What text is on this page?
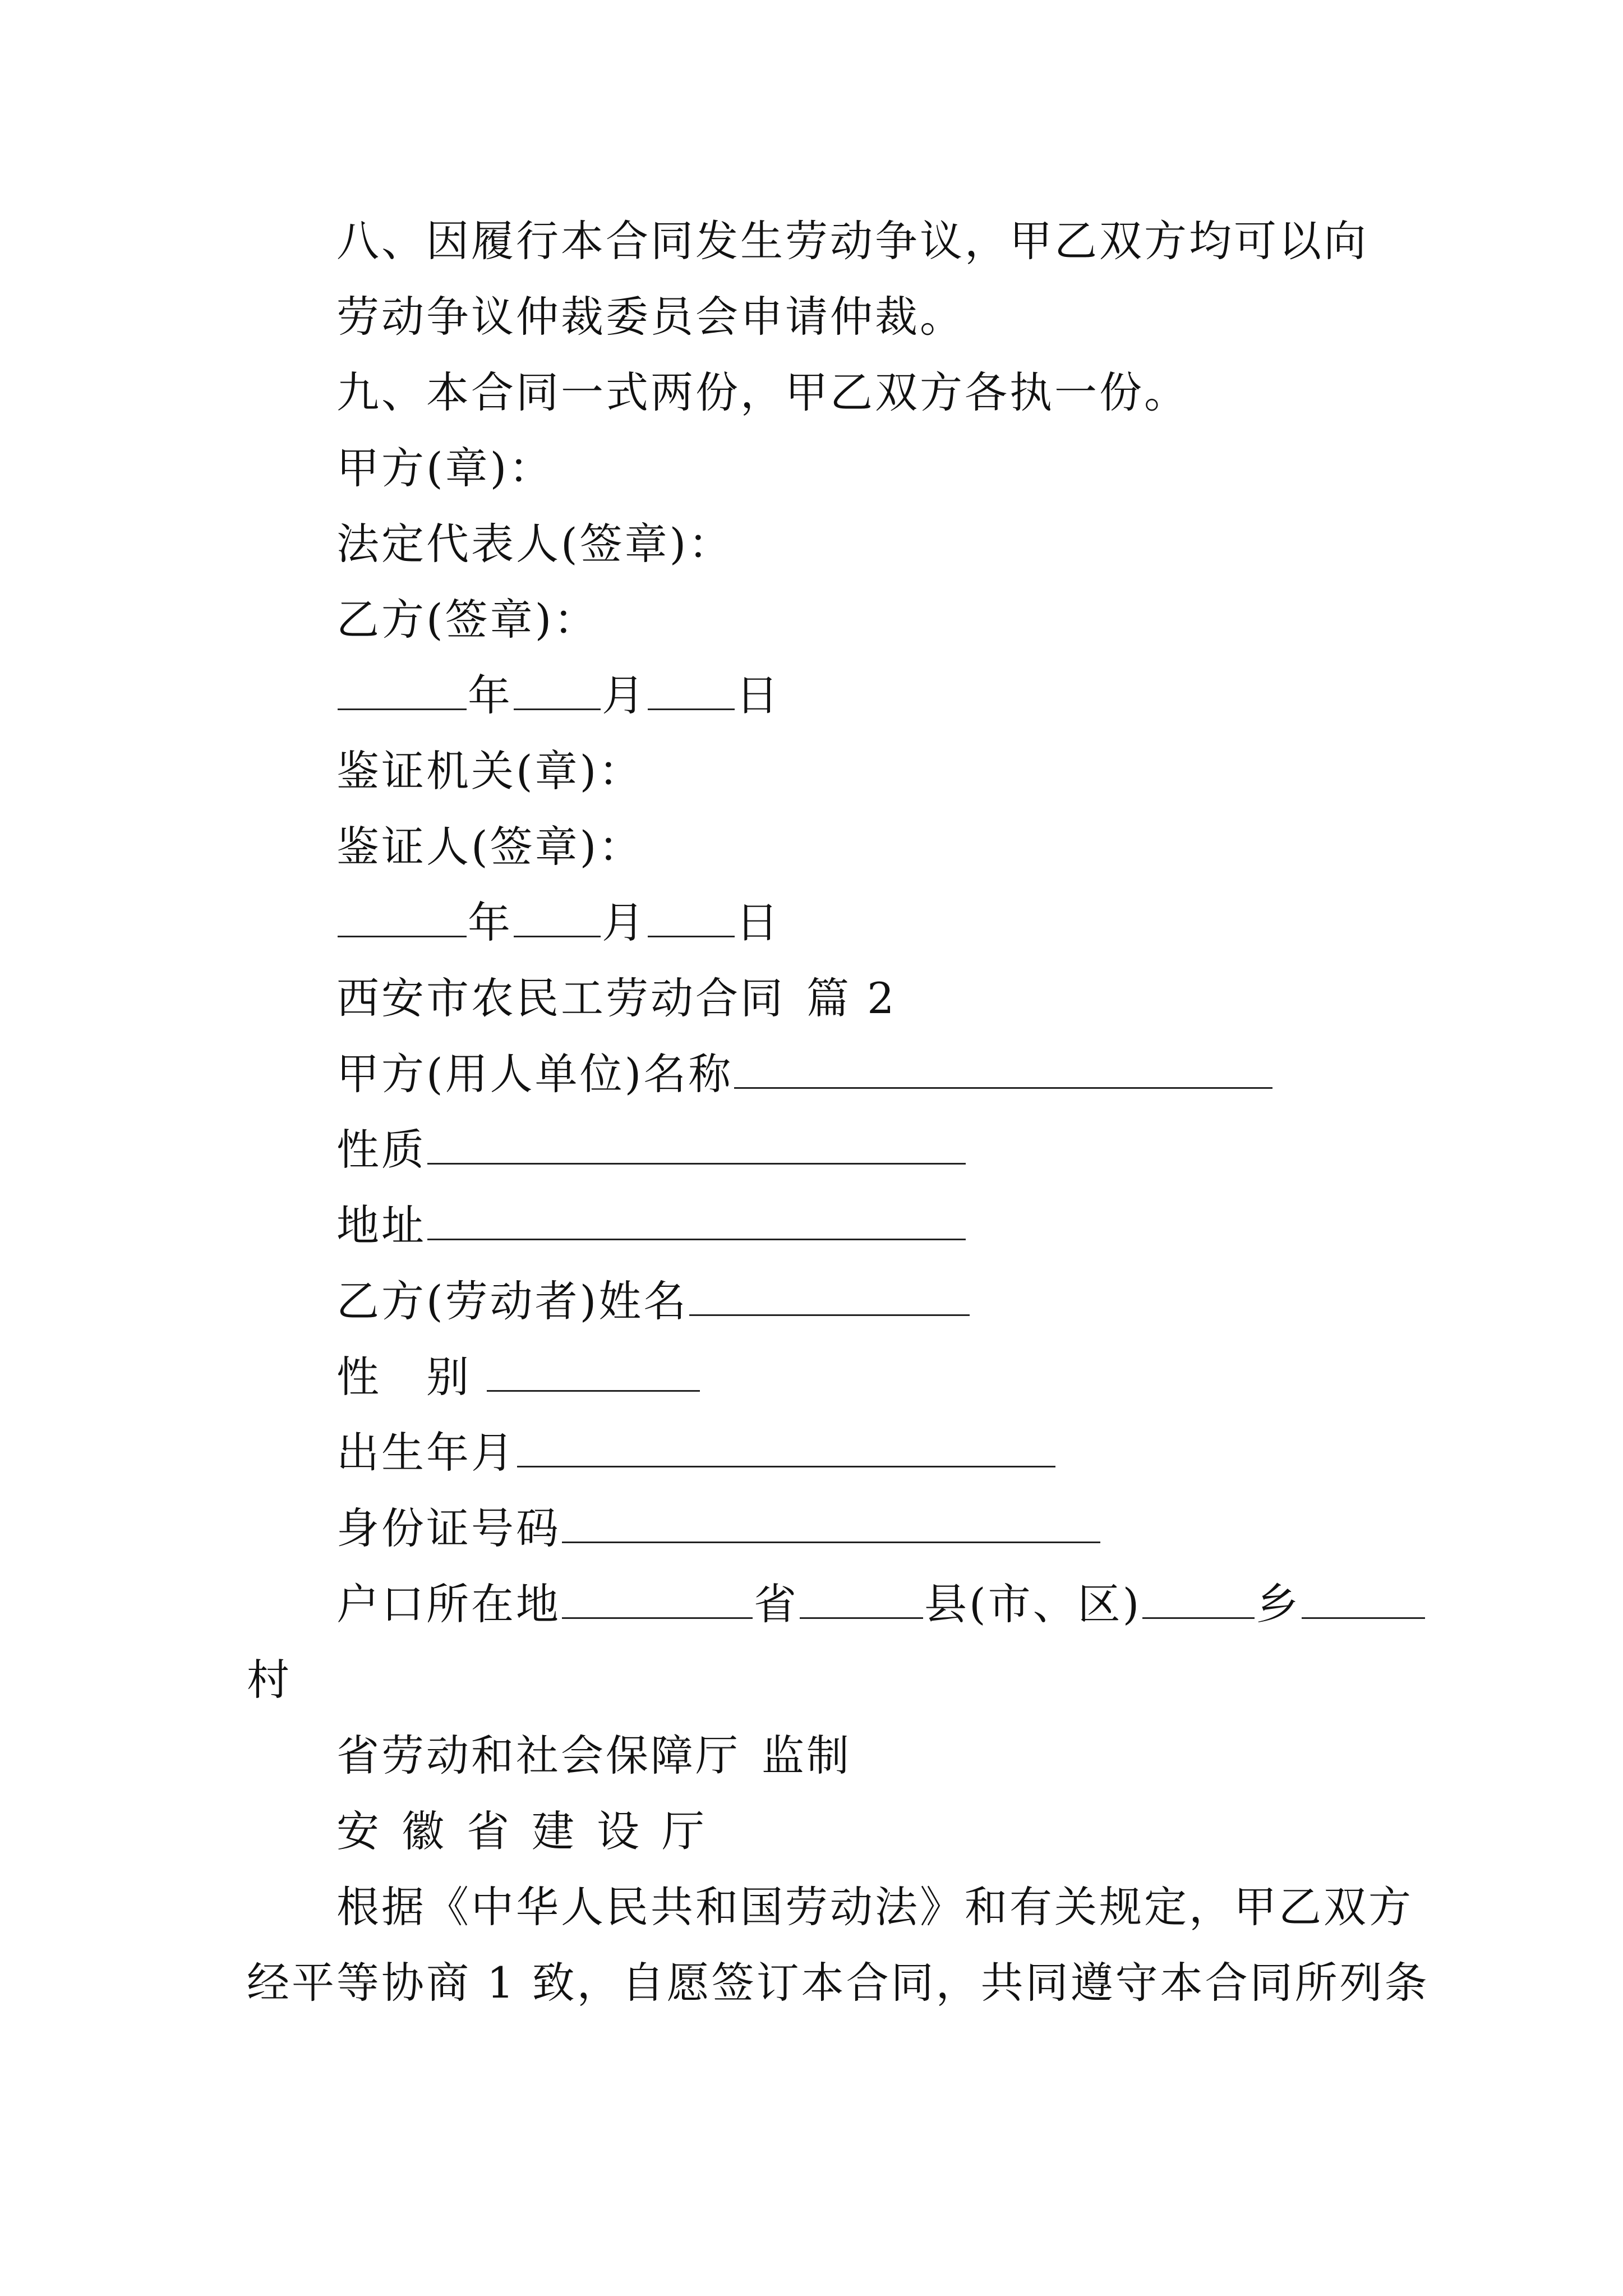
八、因履行本合同发生劳动争议，甲乙双方均可以向
劳动争议仲裁委员会申请仲裁。
九、本合同一式两份，甲乙双方各执一份。
甲方(章)：
法定代表人(签章)：
乙方(签章)：
年 月 日
鉴证机关(章)：
鉴证人(签章)：
年 月 日
西安市农民工劳动合同 篇 2
甲方(用人单位)名称
性质
地址
乙方(劳动者)姓名
性 别
出生年月
身份证号码
户口所在地	省	县(市、区)	乡
村
省劳动和社会保障厅 监制
安徽省建设厅
根据《中华人民共和国劳动法》和有关规定，甲乙双方
经平等协商 1 致，自愿签订本合同，共同遵守本合同所列条
